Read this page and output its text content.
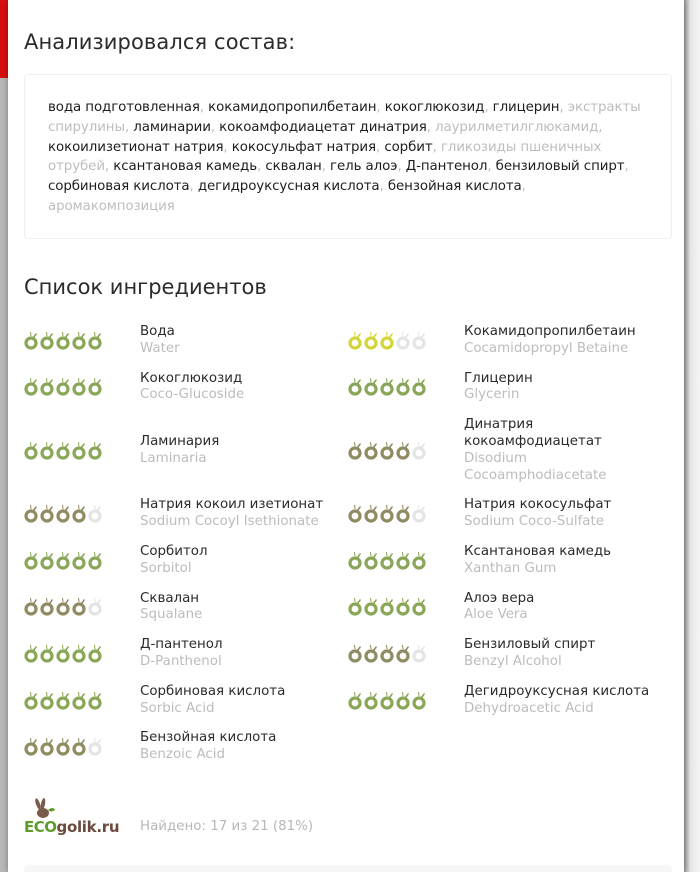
Анализировался состав:
вода подготовленная, кокамидопропилбетаин, кокоглюкозид, глицерин, экстракты спирулины, ламинарии, кокоамфодиацетат динатрия, лаурилметилглюкамид, кокоилизетионат натрия, кокосульфат натрия, сорбит, гликозиды пшеничных отрубей, ксантановая камедь, сквалан, гель алоэ, Д-пантенол, бензиловый спирт, сорбиновая кислота, дегидроуксусная кислота, бензойная кислота, аромакомпозиция
Список ингредиентов
Вода
Water
Кокамидопропилбетаин
Cocamidopropyl Betaine
Кокоглюкозид
Coco-Glucoside
Глицерин
Glycerin
Ламинария
Laminaria
Динатрия кокоамфодиацетат
Disodium Cocoamphodiacetate
Натрия кокоил изетионат
Sodium Cocoyl Isethionate
Натрия кокосульфат
Sodium Coco-Sulfate
Сорбитол
Sorbitol
Ксантановая камедь
Xanthan Gum
Сквалан
Squalane
Алоэ вера
Aloe Vera
Д-пантенол
D-Panthenol
Бензиловый спирт
Benzyl Alcohol
Сорбиновая кислота
Sorbic Acid
Дегидроуксусная кислота
Dehydroacetic Acid
Бензойная кислота
Benzoic Acid
ECO golik.ru Найдено: 17 из 21 (81%)
